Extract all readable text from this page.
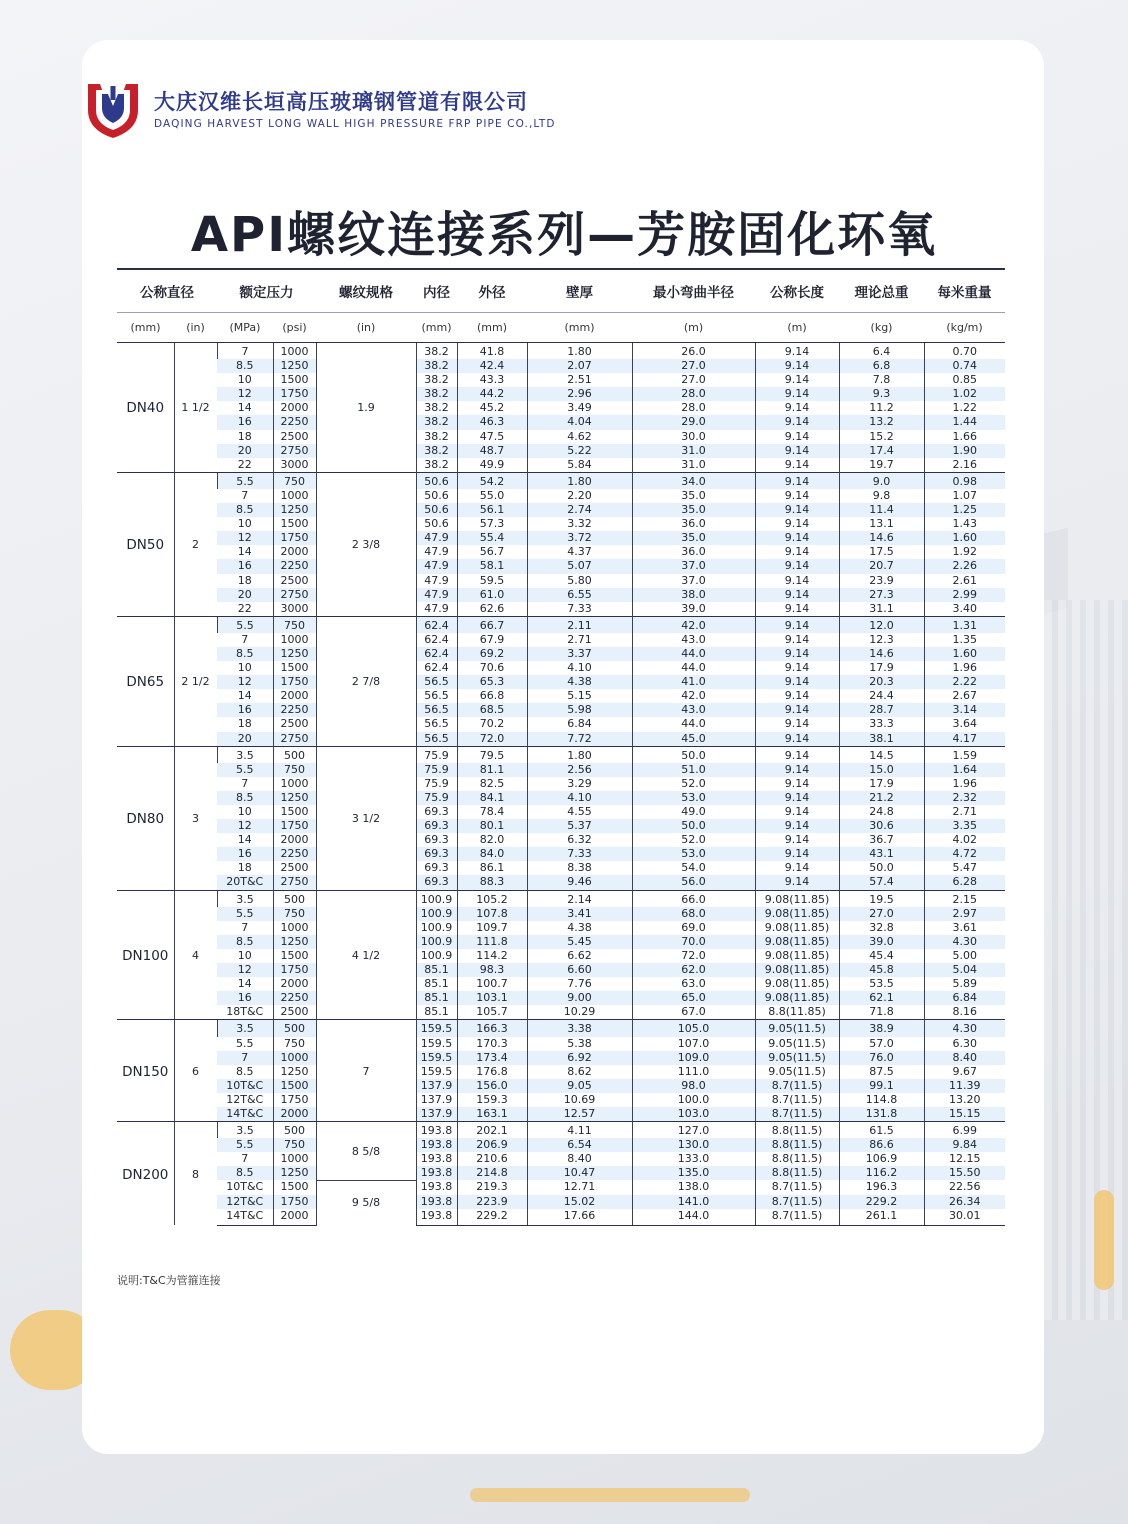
大庆汉维长垣高压玻璃钢管道有限公司
DAQING HARVEST LONG WALL HIGH PRESSURE FRP PIPE CO.,LTD
API螺纹连接系列—芳胺固化环氧
公称直径		额定压力		螺纹规格	内径	外径	壁厚	最小弯曲半径	公称长度	理论总重	每米重量
(mm)	(in)	(MPa)	(psi)	(in)	(mm)	(mm)	(mm)	(m)	(m)	(kg)	(kg/m)
DN40	1 1/2	7	1000	1.9	38.2	41.8	1.80	26.0	9.14	6.4	0.70
		8.5	1250		38.2	42.4	2.07	27.0	9.14	6.8	0.74
		10	1500		38.2	43.3	2.51	27.0	9.14	7.8	0.85
		12	1750		38.2	44.2	2.96	28.0	9.14	9.3	1.02
		14	2000		38.2	45.2	3.49	28.0	9.14	11.2	1.22
		16	2250		38.2	46.3	4.04	29.0	9.14	13.2	1.44
		18	2500		38.2	47.5	4.62	30.0	9.14	15.2	1.66
		20	2750		38.2	48.7	5.22	31.0	9.14	17.4	1.90
		22	3000		38.2	49.9	5.84	31.0	9.14	19.7	2.16
DN50	2	5.5	750	2 3/8	50.6	54.2	1.80	34.0	9.14	9.0	0.98
		7	1000		50.6	55.0	2.20	35.0	9.14	9.8	1.07
		8.5	1250		50.6	56.1	2.74	35.0	9.14	11.4	1.25
		10	1500		50.6	57.3	3.32	36.0	9.14	13.1	1.43
		12	1750		47.9	55.4	3.72	35.0	9.14	14.6	1.60
		14	2000		47.9	56.7	4.37	36.0	9.14	17.5	1.92
		16	2250		47.9	58.1	5.07	37.0	9.14	20.7	2.26
		18	2500		47.9	59.5	5.80	37.0	9.14	23.9	2.61
		20	2750		47.9	61.0	6.55	38.0	9.14	27.3	2.99
		22	3000		47.9	62.6	7.33	39.0	9.14	31.1	3.40
DN65	2 1/2	5.5	750	2 7/8	62.4	66.7	2.11	42.0	9.14	12.0	1.31
		7	1000		62.4	67.9	2.71	43.0	9.14	12.3	1.35
		8.5	1250		62.4	69.2	3.37	44.0	9.14	14.6	1.60
		10	1500		62.4	70.6	4.10	44.0	9.14	17.9	1.96
		12	1750		56.5	65.3	4.38	41.0	9.14	20.3	2.22
		14	2000		56.5	66.8	5.15	42.0	9.14	24.4	2.67
		16	2250		56.5	68.5	5.98	43.0	9.14	28.7	3.14
		18	2500		56.5	70.2	6.84	44.0	9.14	33.3	3.64
		20	2750		56.5	72.0	7.72	45.0	9.14	38.1	4.17
DN80	3	3.5	500	3 1/2	75.9	79.5	1.80	50.0	9.14	14.5	1.59
		5.5	750		75.9	81.1	2.56	51.0	9.14	15.0	1.64
		7	1000		75.9	82.5	3.29	52.0	9.14	17.9	1.96
		8.5	1250		75.9	84.1	4.10	53.0	9.14	21.2	2.32
		10	1500		69.3	78.4	4.55	49.0	9.14	24.8	2.71
		12	1750		69.3	80.1	5.37	50.0	9.14	30.6	3.35
		14	2000		69.3	82.0	6.32	52.0	9.14	36.7	4.02
		16	2250		69.3	84.0	7.33	53.0	9.14	43.1	4.72
		18	2500		69.3	86.1	8.38	54.0	9.14	50.0	5.47
		20T&C	2750		69.3	88.3	9.46	56.0	9.14	57.4	6.28
DN100	4	3.5	500	4 1/2	100.9	105.2	2.14	66.0	9.08(11.85)	19.5	2.15
		5.5	750		100.9	107.8	3.41	68.0	9.08(11.85)	27.0	2.97
		7	1000		100.9	109.7	4.38	69.0	9.08(11.85)	32.8	3.61
		8.5	1250		100.9	111.8	5.45	70.0	9.08(11.85)	39.0	4.30
		10	1500		100.9	114.2	6.62	72.0	9.08(11.85)	45.4	5.00
		12	1750		85.1	98.3	6.60	62.0	9.08(11.85)	45.8	5.04
		14	2000		85.1	100.7	7.76	63.0	9.08(11.85)	53.5	5.89
		16	2250		85.1	103.1	9.00	65.0	9.08(11.85)	62.1	6.84
		18T&C	2500		85.1	105.7	10.29	67.0	8.8(11.85)	71.8	8.16
DN150	6	3.5	500	7	159.5	166.3	3.38	105.0	9.05(11.5)	38.9	4.30
		5.5	750		159.5	170.3	5.38	107.0	9.05(11.5)	57.0	6.30
		7	1000		159.5	173.4	6.92	109.0	9.05(11.5)	76.0	8.40
		8.5	1250		159.5	176.8	8.62	111.0	9.05(11.5)	87.5	9.67
		10T&C	1500		137.9	156.0	9.05	98.0	8.7(11.5)	99.1	11.39
		12T&C	1750		137.9	159.3	10.69	100.0	8.7(11.5)	114.8	13.20
		14T&C	2000		137.9	163.1	12.57	103.0	8.7(11.5)	131.8	15.15
DN200	8	3.5	500	8 5/8	193.8	202.1	4.11	127.0	8.8(11.5)	61.5	6.99
		5.5	750		193.8	206.9	6.54	130.0	8.8(11.5)	86.6	9.84
		7	1000		193.8	210.6	8.40	133.0	8.8(11.5)	106.9	12.15
		8.5	1250		193.8	214.8	10.47	135.0	8.8(11.5)	116.2	15.50
		10T&C	1500	9 5/8	193.8	219.3	12.71	138.0	8.7(11.5)	196.3	22.56
		12T&C	1750		193.8	223.9	15.02	141.0	8.7(11.5)	229.2	26.34
		14T&C	2000		193.8	229.2	17.66	144.0	8.7(11.5)	261.1	30.01
说明:T&C为管箍连接
